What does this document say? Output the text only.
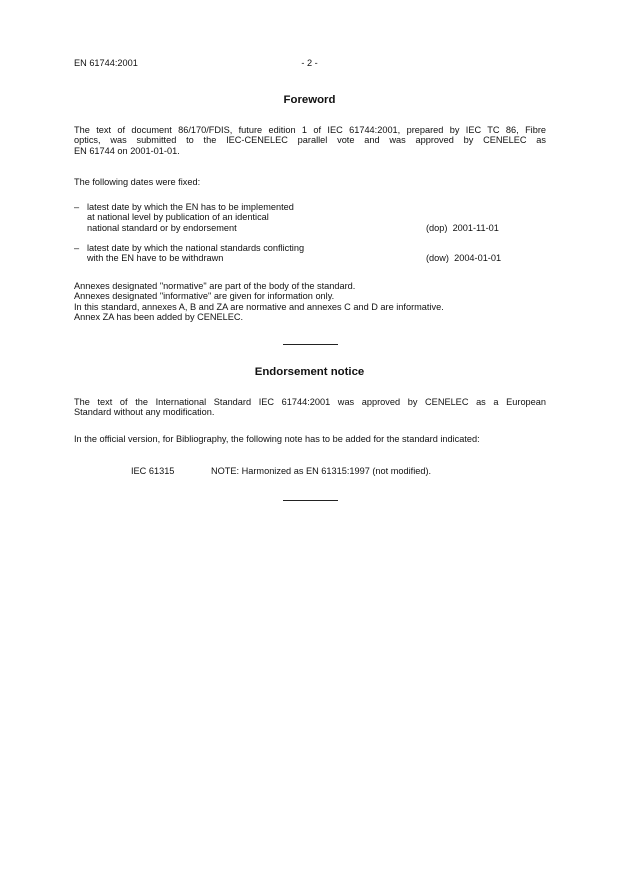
EN 61744:2001	- 2 -
Foreword
The text of document 86/170/FDIS, future edition 1 of IEC 61744:2001, prepared by IEC TC 86, Fibre
optics, was submitted to the IEC-CENELEC parallel vote and was approved by CENELEC as
EN 61744 on 2001-01-01.
The following dates were fixed:
– latest date by which the EN has to be implemented
at national level by publication of an identical
national standard or by endorsement	(dop) 2001-11-01
– latest date by which the national standards conflicting
with the EN have to be withdrawn	(dow) 2004-01-01
Annexes designated "normative" are part of the body of the standard.
Annexes designated "informative" are given for information only.
In this standard, annexes A, B and ZA are normative and annexes C and D are informative.
Annex ZA has been added by CENELEC.
Endorsement notice
The text of the International Standard IEC 61744:2001 was approved by CENELEC as a European
Standard without any modification.
In the official version, for Bibliography, the following note has to be added for the standard indicated:
IEC 61315	NOTE: Harmonized as EN 61315:1997 (not modified).
